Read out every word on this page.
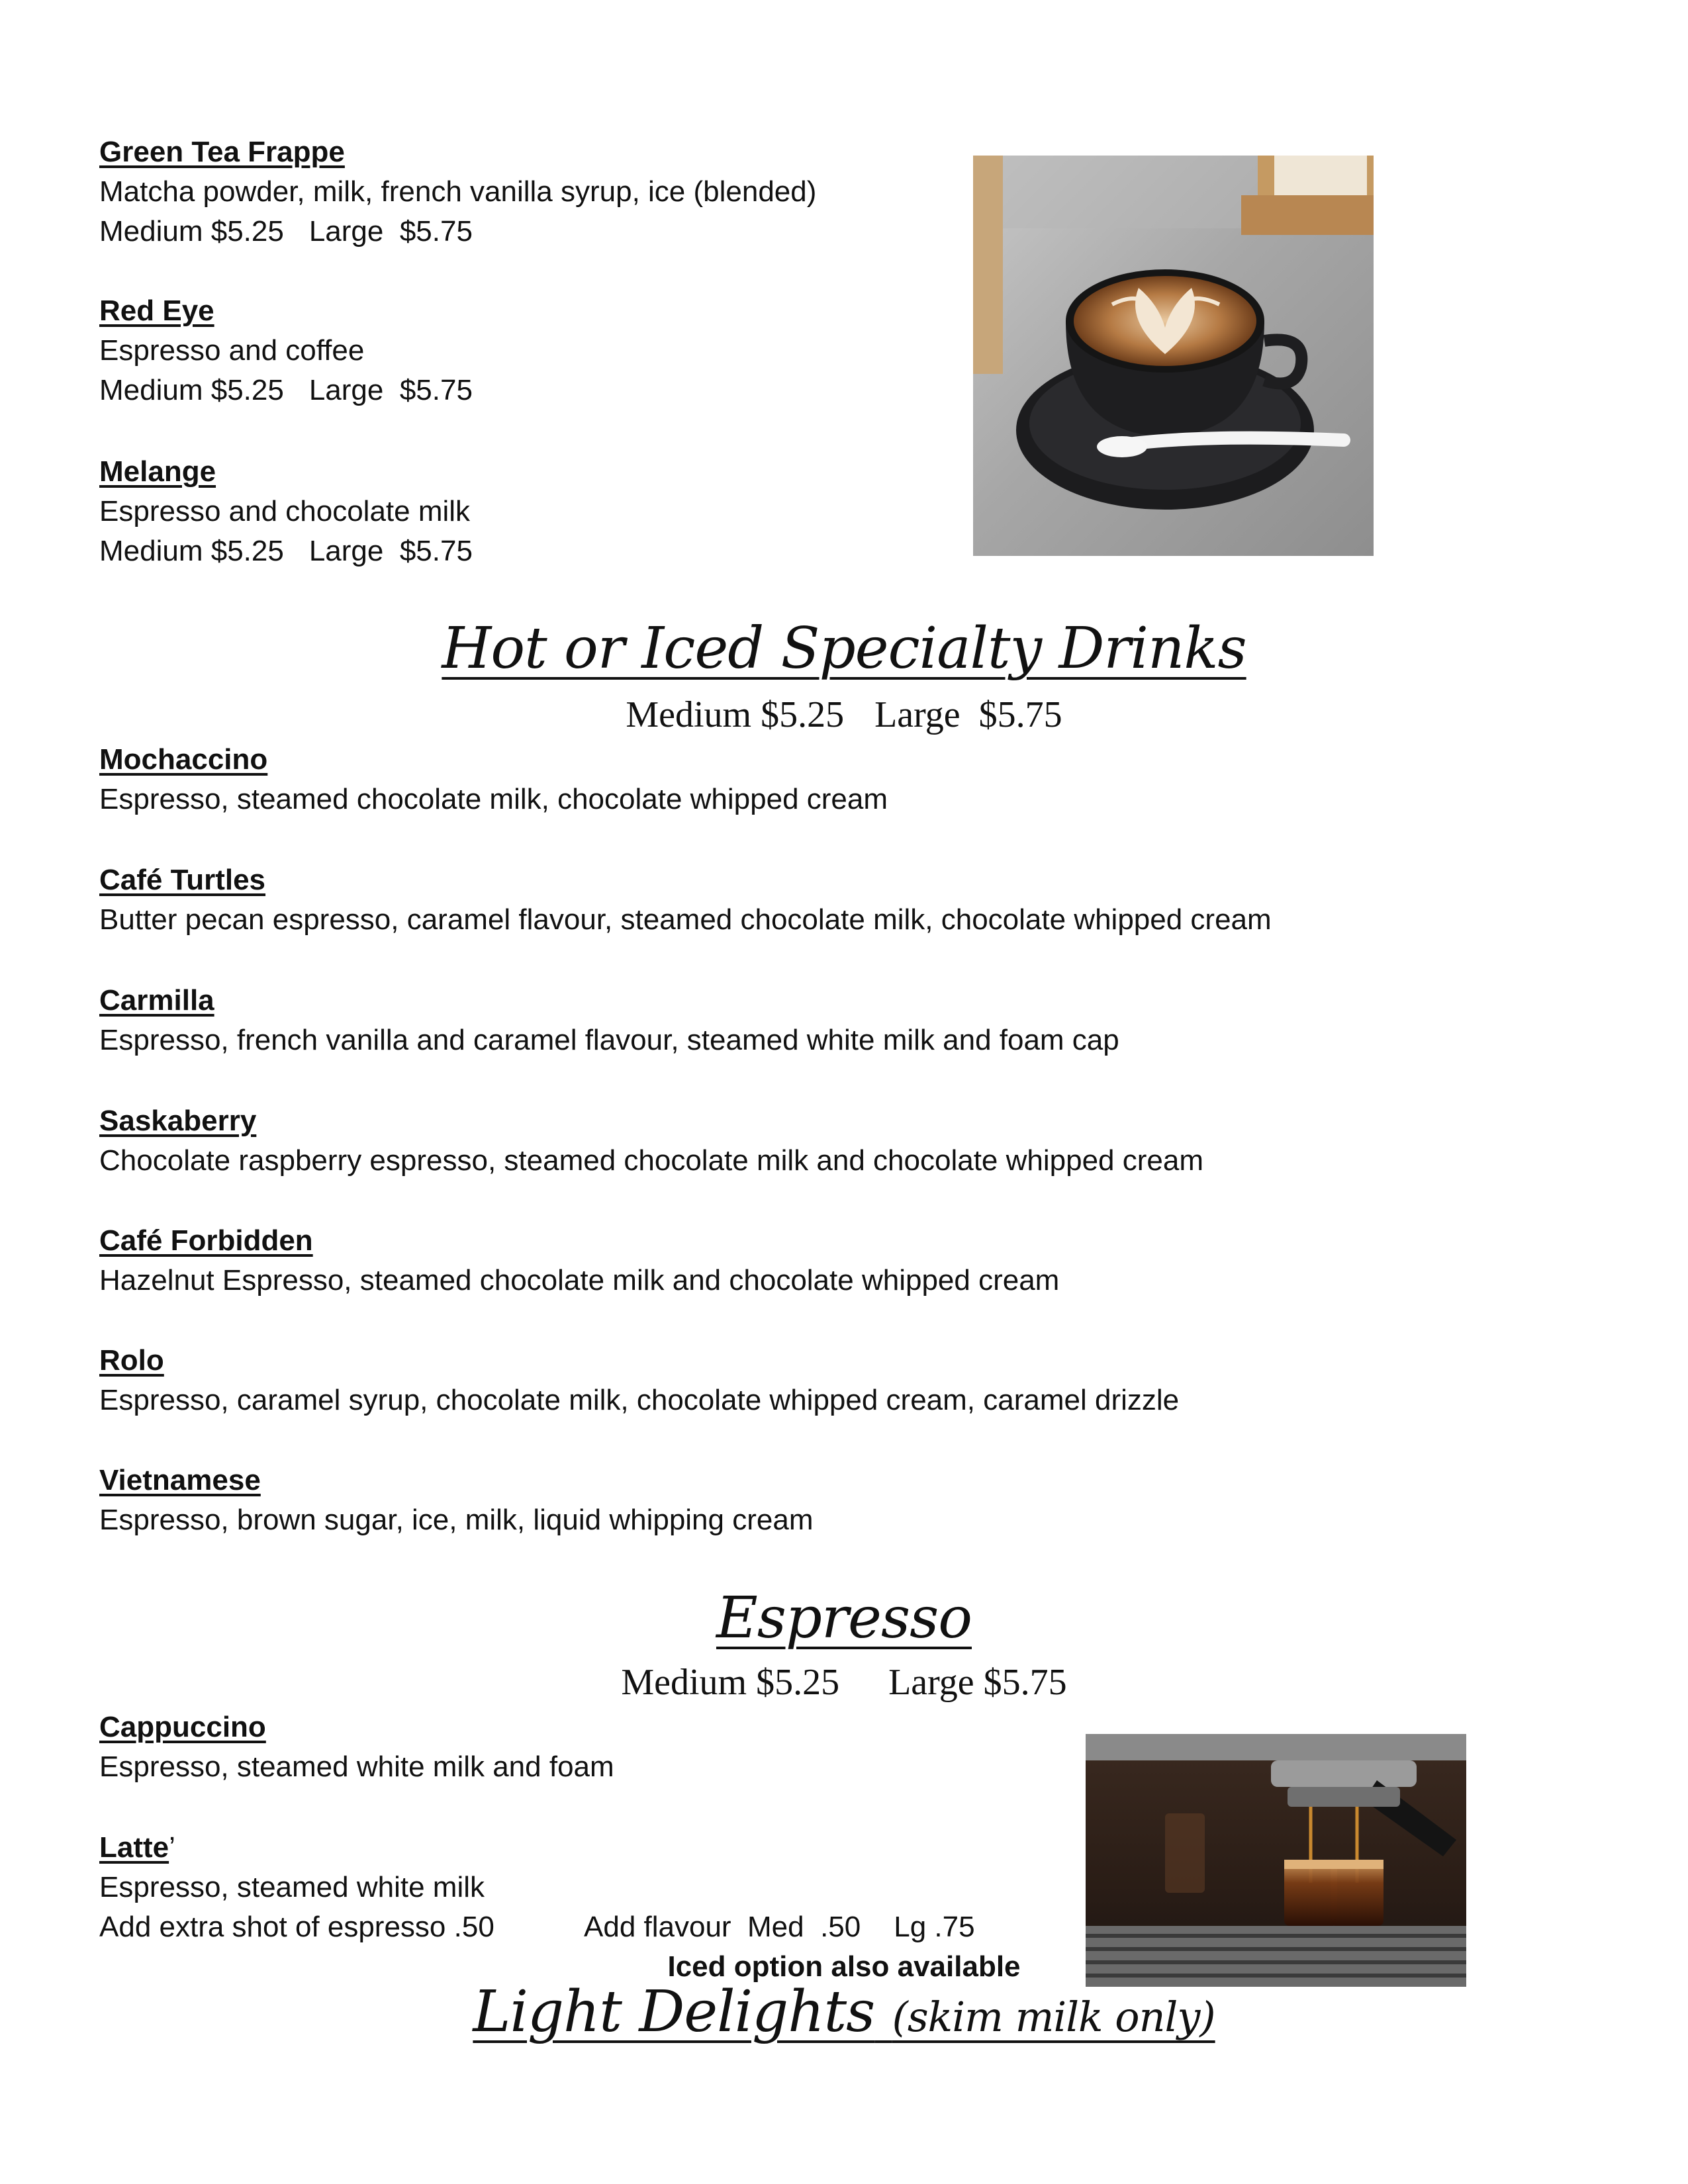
Green Tea Frappe
Matcha powder, milk, french vanilla syrup, ice (blended)
Medium $5.25 Large  $5.75
Red Eye
Espresso and coffee
Medium $5.25 Large  $5.75
Melange
Espresso and chocolate milk
Medium $5.25 Large  $5.75
Hot or Iced Specialty Drinks
Medium $5.25 Large  $5.75
Mochaccino
Espresso, steamed chocolate milk, chocolate whipped cream
Café Turtles
Butter pecan espresso, caramel flavour, steamed chocolate milk, chocolate whipped cream
Carmilla
Espresso, french vanilla and caramel flavour, steamed white milk and foam cap
Saskaberry
Chocolate raspberry espresso, steamed chocolate milk and chocolate whipped cream
Café Forbidden
Hazelnut Espresso, steamed chocolate milk and chocolate whipped cream
Rolo
Espresso, caramel syrup, chocolate milk, chocolate whipped cream, caramel drizzle
Vietnamese
Espresso, brown sugar, ice, milk, liquid whipping cream
Espresso
Medium $5.25 Large $5.75
Cappuccino
Espresso, steamed white milk and foam
Latte’
Espresso, steamed white milk
Add extra shot of espresso .50	Add flavour  Med  .50 Lg .75
Iced option also available
Light Delights (skim milk only)
